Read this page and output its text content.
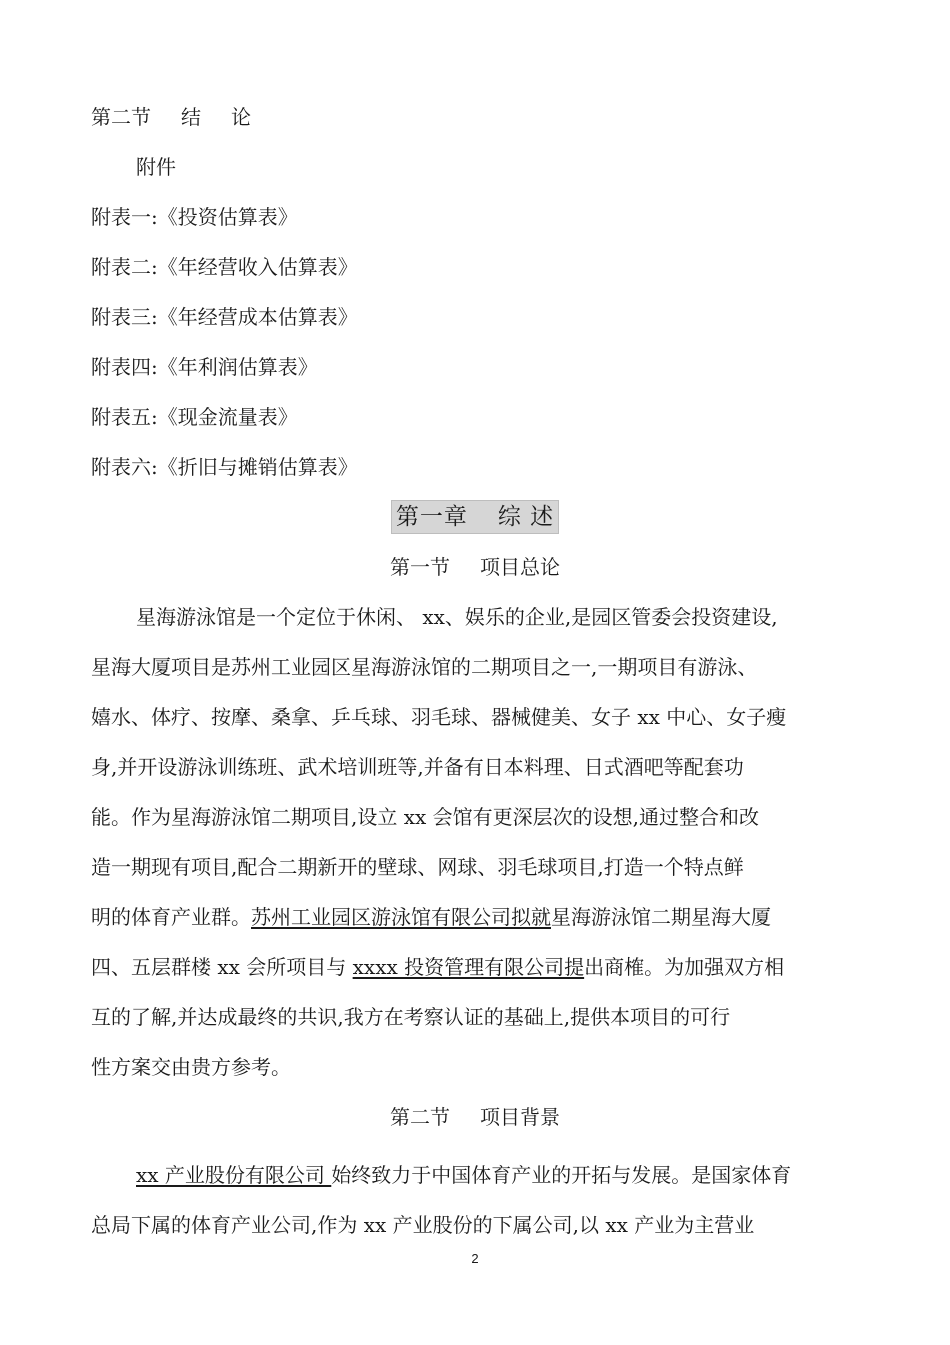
第二节 结 论
附件
附表一:《投资估算表》
附表二:《年经营收入估算表》
附表三:《年经营成本估算表》
附表四:《年利润估算表》
附表五:《现金流量表》
附表六:《折旧与摊销估算表》
第一章 综 述
第一节 项目总论
星海游泳馆是一个定位于休闲、 xx、娱乐的企业,是园区管委会投资建设,
星海大厦项目是苏州工业园区星海游泳馆的二期项目之一,一期项目有游泳、
嬉水、体疗、按摩、桑拿、乒乓球、羽毛球、器械健美、女子 xx 中心、女子瘦
身,并开设游泳训练班、武术培训班等,并备有日本料理、日式酒吧等配套功
能。作为星海游泳馆二期项目,设立 xx 会馆有更深层次的设想,通过整合和改
造一期现有项目,配合二期新开的壁球、网球、羽毛球项目,打造一个特点鲜
明的体育产业群。苏州工业园区游泳馆有限公司拟就星海游泳馆二期星海大厦
四、五层群楼 xx 会所项目与 xxxx 投资管理有限公司提出商榷。为加强双方相
互的了解,并达成最终的共识,我方在考察认证的基础上,提供本项目的可行
性方案交由贵方参考。
第二节 项目背景
xx 产业股份有限公司 始终致力于中国体育产业的开拓与发展。是国家体育
总局下属的体育产业公司,作为 xx 产业股份的下属公司,以 xx 产业为主营业
2
